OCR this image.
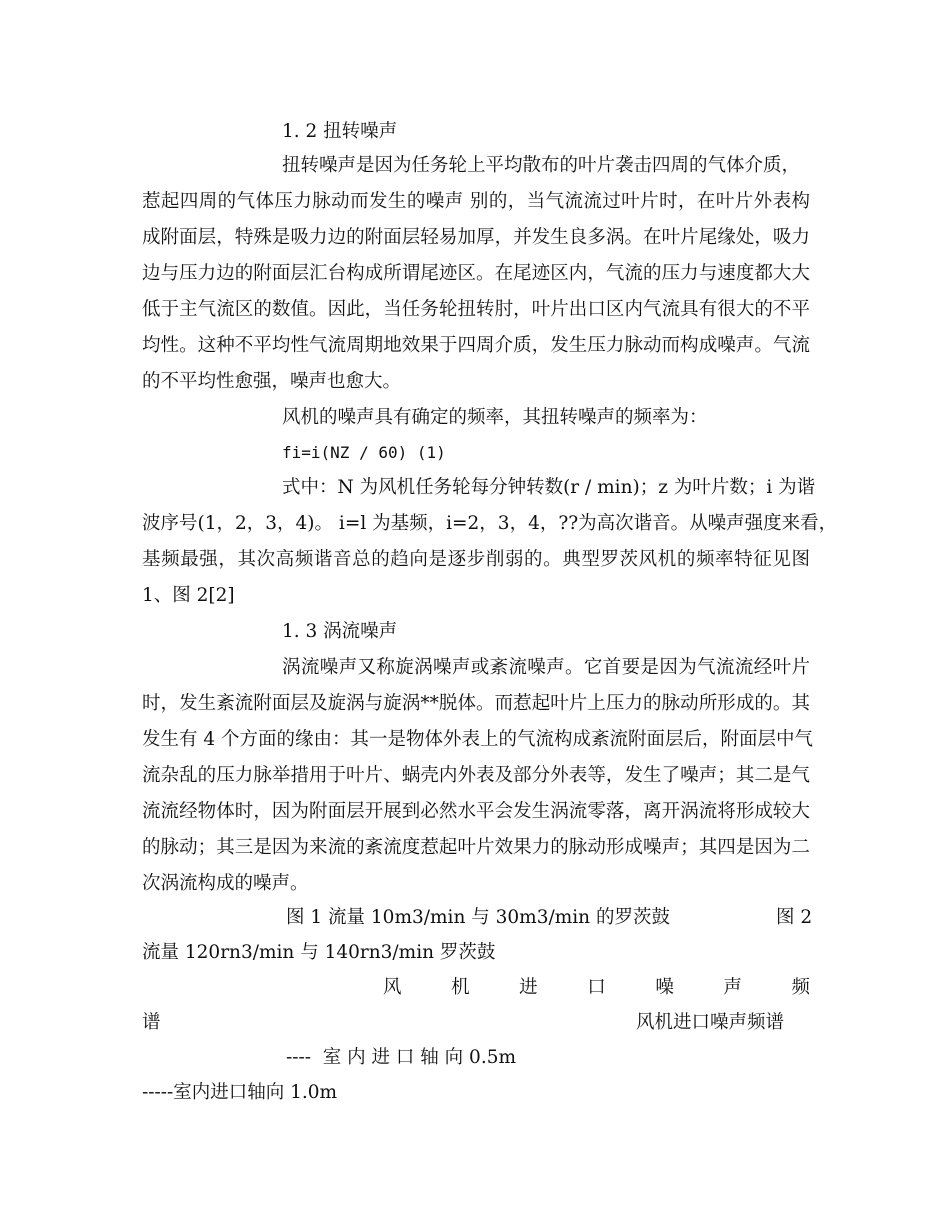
1. 2 扭转噪声
扭转噪声是因为任务轮上平均散布的叶片袭击四周的气体介质，
惹起四周的气体压力脉动而发生的噪声 别的，当气流流过叶片时，在叶片外表构
成附面层，特殊是吸力边的附面层轻易加厚，并发生良多涡。在叶片尾缘处，吸力
边与压力边的附面层汇台构成所谓尾迹区。在尾迹区内，气流的压力与速度都大大
低于主气流区的数值。因此，当任务轮扭转肘，叶片出口区内气流具有很大的不平
均性。这种不平均性气流周期地效果于四周介质，发生压力脉动而构成噪声。气流
的不平均性愈强，噪声也愈大。
风机的噪声具有确定的频率，其扭转噪声的频率为：
fi=i(NZ / 60) (1)
式中：N 为风机任务轮每分钟转数(r / min)；z 为叶片数；i 为谐
波序号(1，2，3，4)。 i=l 为基频，i=2，3，4，??为高次谐音。从噪声强度来看，
基频最强，其次高频谐音总的趋向是逐步削弱的。典型罗茨风机的频率特征见图
1、图 2[2]
1. 3 涡流噪声
涡流噪声又称旋涡噪声或紊流噪声。它首要是因为气流流经叶片
时，发生紊流附面层及旋涡与旋涡**脱体。而惹起叶片上压力的脉动所形成的。其
发生有 4 个方面的缘由：其一是物体外表上的气流构成紊流附面层后，附面层中气
流杂乱的压力脉举措用于叶片、蜗壳内外表及部分外表等，发生了噪声；其二是气
流流经物体时，因为附面层开展到必然水平会发生涡流零落，离开涡流将形成较大
的脉动；其三是因为来流的紊流度惹起叶片效果力的脉动形成噪声；其四是因为二
次涡流构成的噪声。
图 1 流量 10m3/min 与 30m3/min 的罗茨鼓	图 2
流量 120rn3/min 与 140rn3/min 罗茨鼓
风	机	进	口	噪	声	频
谱	风机进口噪声频谱
----  室 内 进 口 轴 向 0.5m
-----室内进口轴向 1.0m
